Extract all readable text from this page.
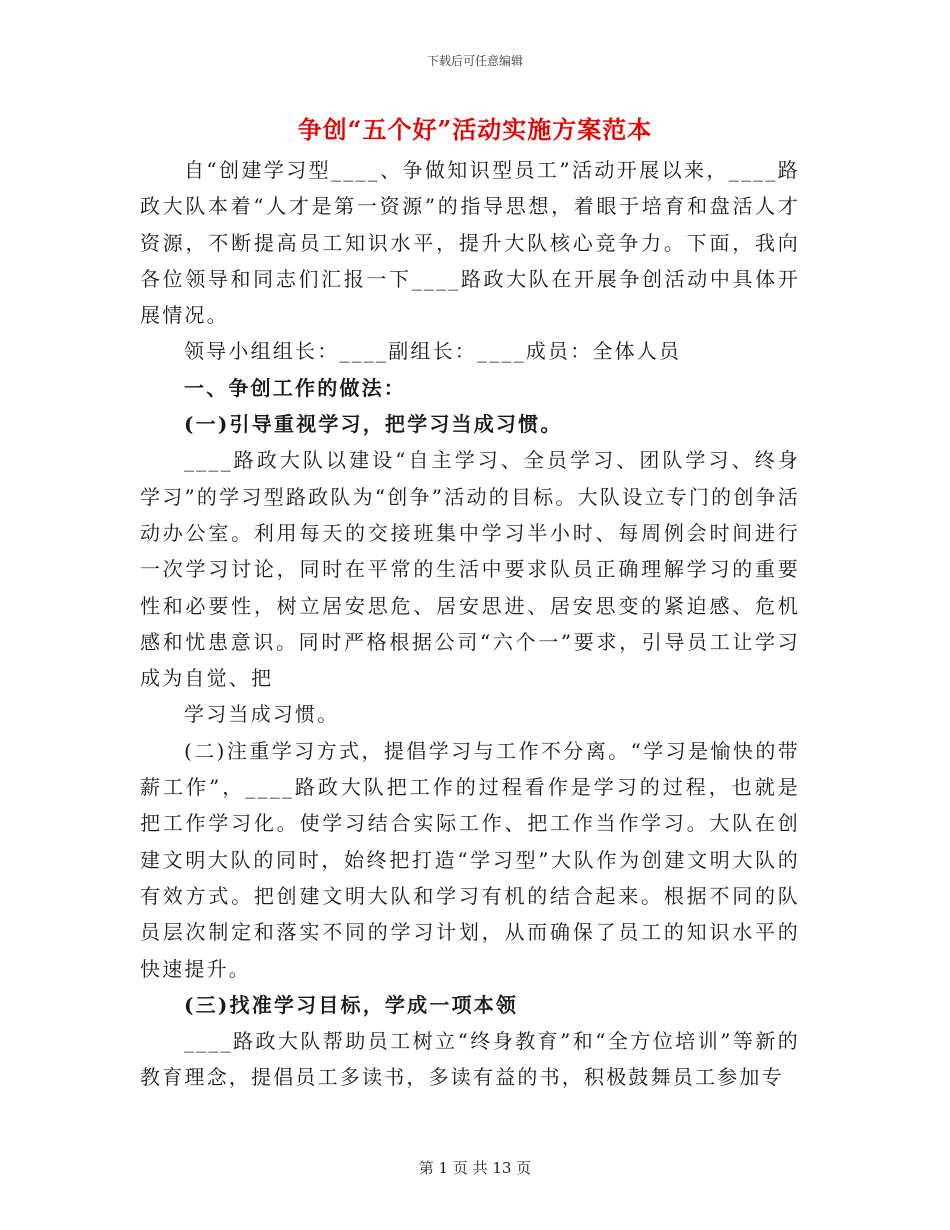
下载后可任意编辑
争创“五个好”活动实施方案范本

自“创建学习型____、争做知识型员工”活动开展以来，____路政大队本着“人才是第一资源”的指导思想，着眼于培育和盘活人才资源，不断提高员工知识水平，提升大队核心竞争力。下面，我向各位领导和同志们汇报一下____路政大队在开展争创活动中具体开展情况。

领导小组组长：____副组长：____成员：全体人员

一、争创工作的做法：

(一)引导重视学习，把学习当成习惯。

____路政大队以建设“自主学习、全员学习、团队学习、终身学习”的学习型路政队为“创争”活动的目标。大队设立专门的创争活动办公室。利用每天的交接班集中学习半小时、每周例会时间进行一次学习讨论，同时在平常的生活中要求队员正确理解学习的重要性和必要性，树立居安思危、居安思进、居安思变的紧迫感、危机感和忧患意识。同时严格根据公司“六个一”要求，引导员工让学习成为自觉、把

学习当成习惯。

(二)注重学习方式，提倡学习与工作不分离。“学习是愉快的带薪工作”，____路政大队把工作的过程看作是学习的过程，也就是把工作学习化。使学习结合实际工作、把工作当作学习。大队在创建文明大队的同时，始终把打造“学习型”大队作为创建文明大队的有效方式。把创建文明大队和学习有机的结合起来。根据不同的队员层次制定和落实不同的学习计划，从而确保了员工的知识水平的快速提升。

(三)找准学习目标，学成一项本领

____路政大队帮助员工树立“终身教育”和“全方位培训”等新的教育理念，提倡员工多读书，多读有益的书，积极鼓舞员工参加专

第 1 页 共 13 页
